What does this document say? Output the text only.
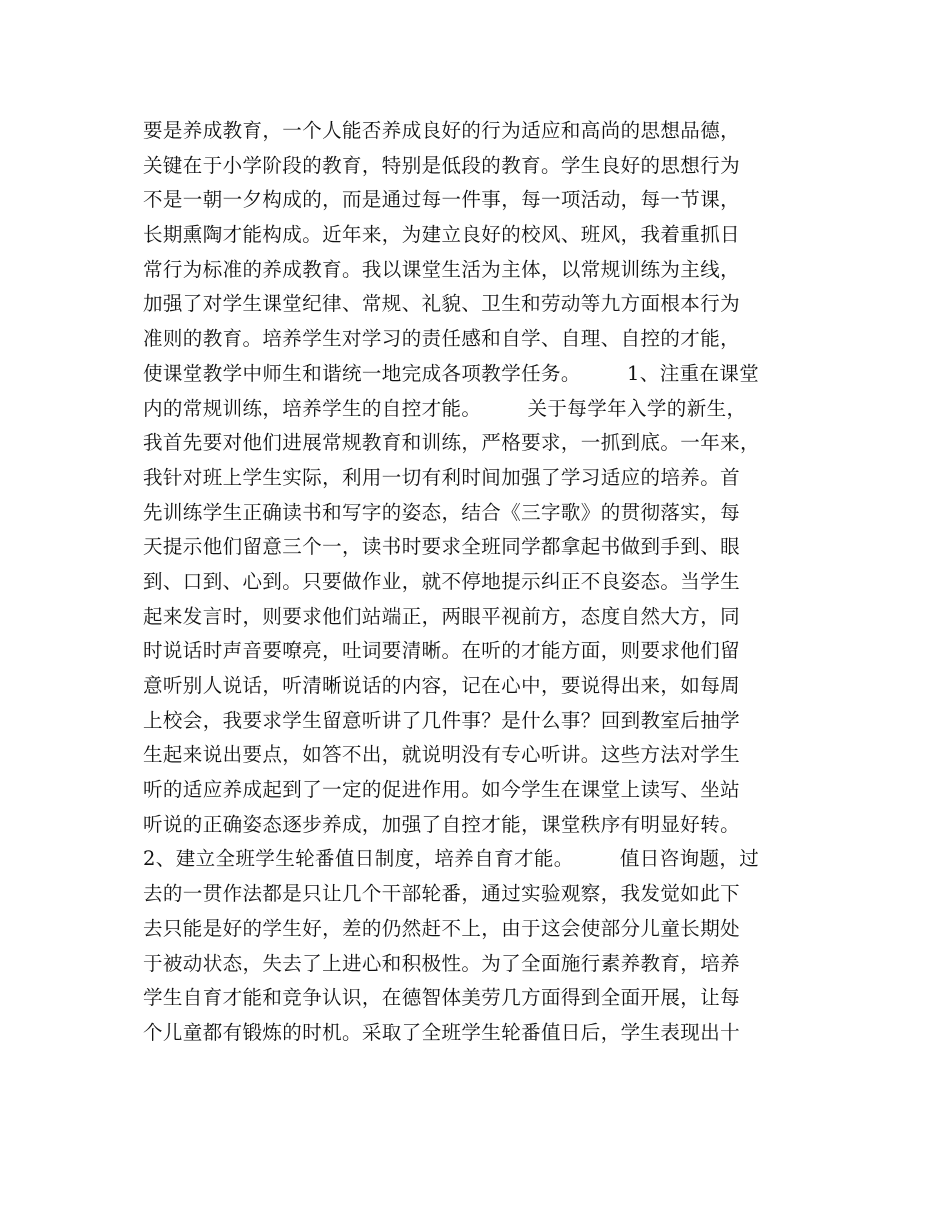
要是养成教育，一个人能否养成良好的行为适应和高尚的思想品德，
关键在于小学阶段的教育，特别是低段的教育。学生良好的思想行为
不是一朝一夕构成的，而是通过每一件事，每一项活动，每一节课，
长期熏陶才能构成。近年来，为建立良好的校风、班风，我着重抓日
常行为标准的养成教育。我以课堂生活为主体，以常规训练为主线，
加强了对学生课堂纪律、常规、礼貌、卫生和劳动等九方面根本行为
准则的教育。培养学生对学习的责任感和自学、自理、自控的才能，
使课堂教学中师生和谐统一地完成各项教学任务。       1、注重在课堂
内的常规训练，培养学生的自控才能。       关于每学年入学的新生，
我首先要对他们进展常规教育和训练，严格要求，一抓到底。一年来，
我针对班上学生实际，利用一切有利时间加强了学习适应的培养。首
先训练学生正确读书和写字的姿态，结合《三字歌》的贯彻落实，每
天提示他们留意三个一，读书时要求全班同学都拿起书做到手到、眼
到、口到、心到。只要做作业，就不停地提示纠正不良姿态。当学生
起来发言时，则要求他们站端正，两眼平视前方，态度自然大方，同
时说话时声音要嘹亮，吐词要清晰。在听的才能方面，则要求他们留
意听别人说话，听清晰说话的内容，记在心中，要说得出来，如每周
上校会，我要求学生留意听讲了几件事？是什么事？回到教室后抽学
生起来说出要点，如答不出，就说明没有专心听讲。这些方法对学生
听的适应养成起到了一定的促进作用。如今学生在课堂上读写、坐站
听说的正确姿态逐步养成，加强了自控才能，课堂秩序有明显好转。
2、建立全班学生轮番值日制度，培养自育才能。       值日咨询题，过
去的一贯作法都是只让几个干部轮番，通过实验观察，我发觉如此下
去只能是好的学生好，差的仍然赶不上，由于这会使部分儿童长期处
于被动状态，失去了上进心和积极性。为了全面施行素养教育，培养
学生自育才能和竞争认识，在德智体美劳几方面得到全面开展，让每
个儿童都有锻炼的时机。采取了全班学生轮番值日后，学生表现出十
